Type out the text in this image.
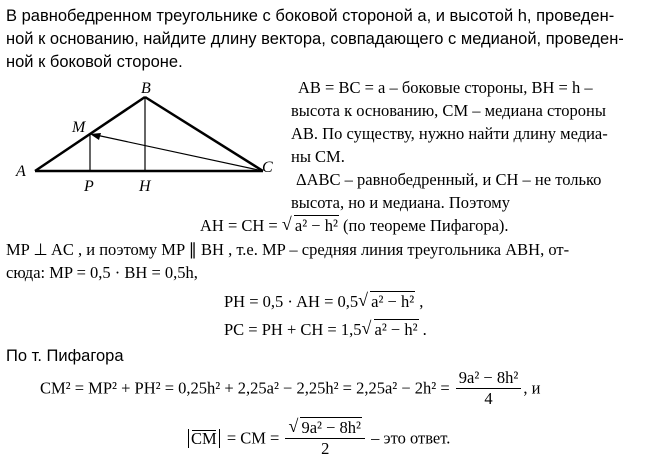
В равнобедренном треугольнике с боковой стороной a, и высотой h, проведен-
ной к основанию, найдите длину вектора, совпадающего с медианой, проведен-
ной к боковой стороне.
A
B
C
M
P	H
AB = BC = a – боковые стороны, BH = h –
высота к основанию, CM – медиана стороны
AB. По существу, нужно найти длину медиа-
ны CM.
ΔABC – равнобедренный, и CH – не только
высота, но и медиана. Поэтому
AH = CH = √ a² − h² (по теореме Пифагора).
MP ⊥ AC , и поэтому MP ∥ BH , т.е. MP – средняя линия треугольника ABH, от-
сюда: MP = 0,5 · BH = 0,5h,
PH = 0,5 · AH = 0,5 √ a² − h² ,
PC = PH + CH = 1,5 √ a² − h² .
По т. Пифагора
$CM^2 = MP^2 + PH^2 = 0,25h^2 + 2,25a^2 - 2,25h^2 = 2,25a^2 - 2h^2 = \frac{\text{9a² − 8h²}}{4}$ , и
CM = CM = √ $\frac{\text{9a² − 8h²}}{2}$ – это ответ.
